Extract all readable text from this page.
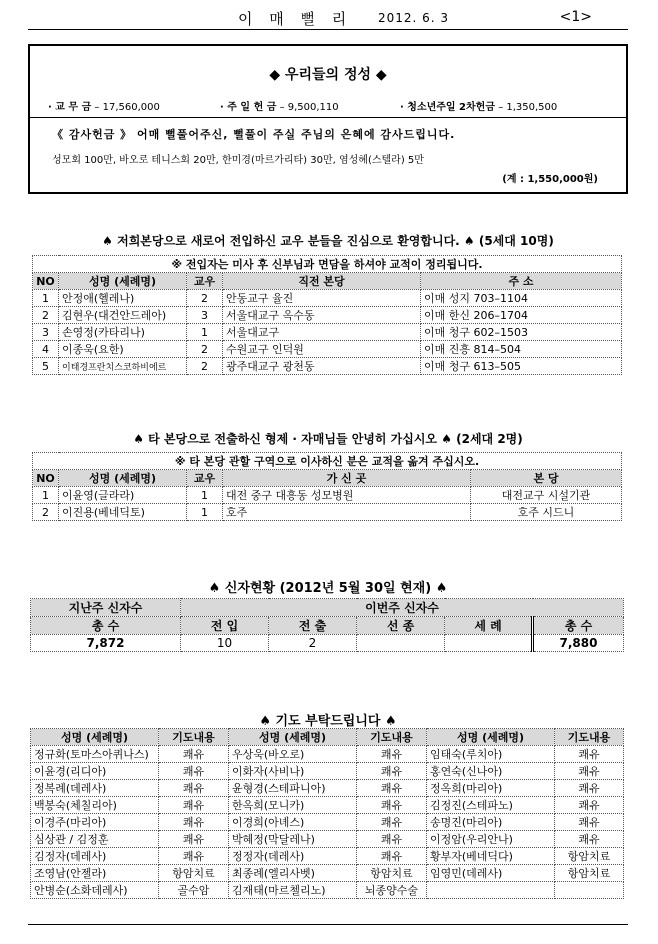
이 매 뻘 리 2012. 6. 3	<1>
◆ 우리들의 정성 ◆
· 교 무 금 – 17,560,000	· 주 일 헌 금 – 9,500,110	· 청소년주일 2차헌금 – 1,350,500
《 감사헌금 》 어매 뻘풀어주신, 뻘풀이 주실 주님의 은혜에 감사드립니다.
성모회 100만, 바오로 테니스회 20만, 한미경(마르가리타) 30만, 염성혜(스텔라) 5만
(계 : 1,550,000원)
♠ 저희본당으로 새로어 전입하신 교우 분들을 진심으로 환영합니다. ♠ (5세대 10명)
※ 전입자는 미사 후 신부님과 면담을 하셔야 교적이 정리됩니다.				
NO	성명 (세례명)	교우	직전 본당	주 소
1	안정애(헬레나)	2	안동교구 율진	이매 성지 703–1104
2	김현우(대건안드레아)	3	서울대교구 옥수동	이매 한신 206–1704
3	손영정(카타리나)	1	서울대교구	이매 청구 602–1503
4	이종욱(요한)	2	수원교구 인덕원	이매 진흥 814–504
5	이태경프란치스코하비에르	2	광주대교구 광천동	이매 청구 613–505
♠ 타 본당으로 전출하신 형제 · 자매님들 안녕히 가십시오 ♠ (2세대 2명)
※ 타 본당 관할 구역으로 이사하신 분은 교적을 옮겨 주십시오.				
NO	성명 (세례명)	교우	가 신 곳	본 당
1	이윤영(글라라)	1	대전 중구 대흥동 성모병원	대전교구 시설기관
2	이진용(베네딕토)	1	호주	호주 시드니
♠ 신자현황 (2012년 5월 30일 현재) ♠
지난주 신자수	이번주 신자수				
총 수	전 입	전 출	선 종	세 례	총 수
7,872	10	2			7,880
♠ 기도 부탁드립니다 ♠
성명 (세례명)	기도내용	성명 (세례명)	기도내용	성명 (세례명)	기도내용
정규화(토마스아퀴나스)	쾌유	우상욱(바오로)	쾌유	임태숙(루치아)	쾌유
이윤경(리디아)	쾌유	이화자(사비나)	쾌유	홍연숙(신나아)	쾌유
정복례(데레사)	쾌유	윤형경(스테파니아)	쾌유	정옥희(마리아)	쾌유
백봉숙(체칠리아)	쾌유	한옥희(모니카)	쾌유	김정진(스테파노)	쾌유
이경주(마리아)	쾌유	이경희(아녜스)	쾌유	송명진(마리아)	쾌유
심상관 / 김정훈	쾌유	박혜정(막달레나)	쾌유	이정암(우리안나)	쾌유
김정자(데레사)	쾌유	정정자(데레사)	쾌유	황부자(베네딕다)	항암치료
조영남(안젤라)	항암치료	최종례(엘리사벳)	항암치료	임영민(데레사)	항암치료
안병순(소화데레사)	골수암	김재태(마르첼리노)	뇌종양수술		
